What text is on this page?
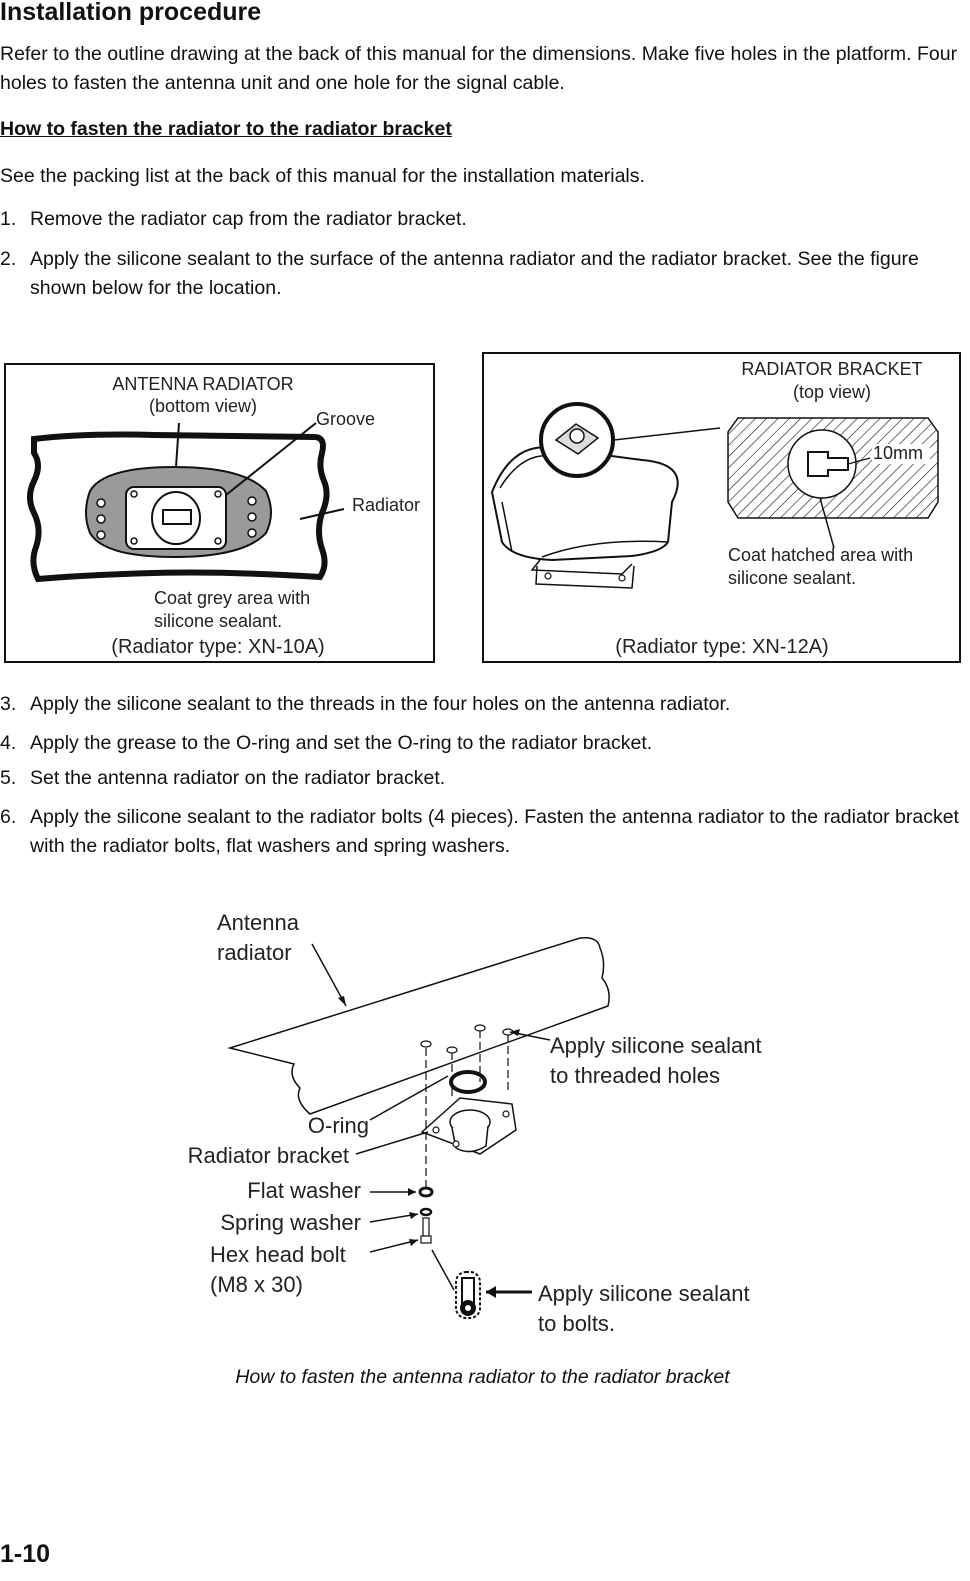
Installation procedure

Refer to the outline drawing at the back of this manual for the dimensions. Make five holes in the platform. Four holes to fasten the antenna unit and one hole for the signal cable.

How to fasten the radiator to the radiator bracket

See the packing list at the back of this manual for the installation materials.

1. Remove the radiator cap from the radiator bracket.
2. Apply the silicone sealant to the surface of the antenna radiator and the radiator bracket. See the figure shown below for the location.
ANTENNA RADIATOR
(bottom view)
Groove
Radiator
Coat grey area with
silicone sealant.
(Radiator type: XN-10A)
RADIATOR BRACKET
(top view)
10mm
Coat hatched area with
silicone sealant.
(Radiator type: XN-12A)
3. Apply the silicone sealant to the threads in the four holes on the antenna radiator.
4. Apply the grease to the O-ring and set the O-ring to the radiator bracket.
5. Set the antenna radiator on the radiator bracket.
6. Apply the silicone sealant to the radiator bolts (4 pieces). Fasten the antenna radiator to the radiator bracket with the radiator bolts, flat washers and spring washers.
Antenna
radiator
Apply silicone sealant
to threaded holes
O-ring
Radiator bracket
Flat washer
Spring washer
Hex head bolt
(M8 x 30)	Apply silicone sealant
to bolts.
How to fasten the antenna radiator to the radiator bracket
1-10
